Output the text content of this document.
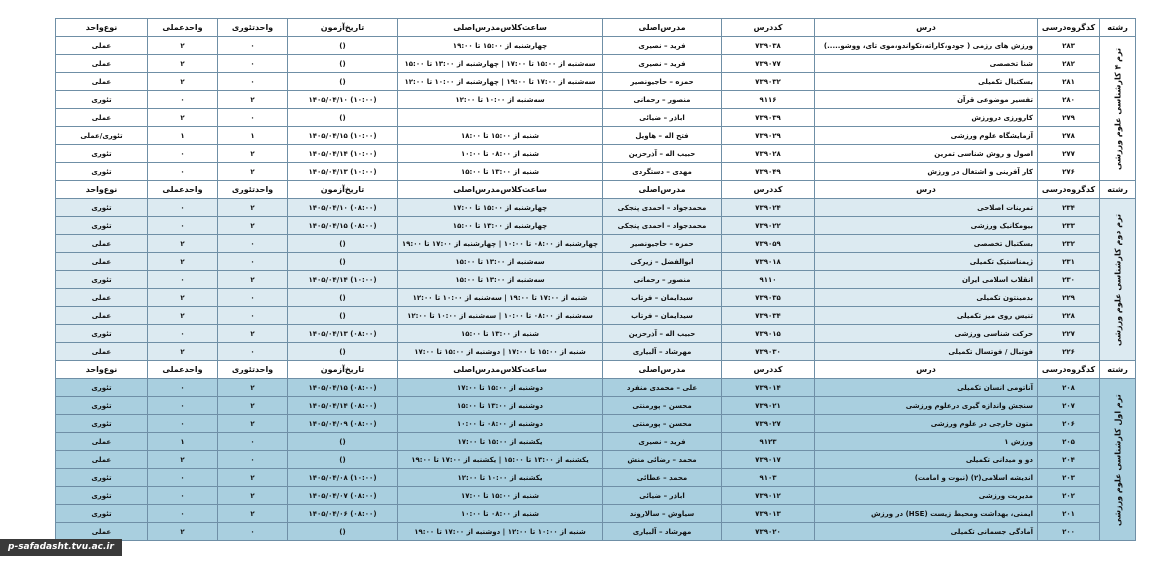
رشته	کدگروه‌درسی	درس	کددرس	مدرس‌اصلی	ساعت‌کلاس‌مدرس‌اصلی	تاریخ‌آزمون	واحدتئوری	واحدعملی	نوع‌واحد
ترم ۴ کارشناسی علوم ورزشی	۲۸۳	ورزش های رزمی ( جودو،کاراته،تکواندو،موی تای، ووشو.....)	۷۳۹۰۳۸	فرید – نصیری	چهارشنبه از ۱۵:۰۰ تا ۱۹:۰۰	()	۰	۲	عملی
	۲۸۲	شنا تخصصی	۷۳۹۰۷۷	فرید – نصیری	سه‌شنبه از ۱۵:۰۰ تا ۱۷:۰۰ | چهارشنبه از ۱۳:۰۰ تا ۱۵:۰۰	()	۰	۲	عملی
	۲۸۱	بسکتبال تکمیلی	۷۳۹۰۳۲	حمزه – حاجیونصیر	سه‌شنبه از ۱۷:۰۰ تا ۱۹:۰۰ | چهارشنبه از ۱۰:۰۰ تا ۱۲:۰۰	()	۰	۲	عملی
	۲۸۰	تفسیر موضوعی قرآن	۹۱۱۶	منصور – رحمانی	سه‌شنبه از ۱۰:۰۰ تا ۱۲:۰۰	(۱۰:۰۰) ۱۴۰۵/۰۴/۱۰	۲	۰	تئوری
	۲۷۹	کارورزی درورزش	۷۳۹۰۳۹	اباذر – ضیائی		()	۰	۲	عملی
	۲۷۸	آزمایشگاه علوم ورزشی	۷۳۹۰۲۹	فتح اله – هاویل	شنبه از ۱۵:۰۰ تا ۱۸:۰۰	(۱۰:۰۰) ۱۴۰۵/۰۴/۱۵	۱	۱	تئوری/عملی
	۲۷۷	اصول و روش شناسی تمرین	۷۳۹۰۲۸	حبیب اله – آذرحزین	شنبه از ۰۸:۰۰ تا ۱۰:۰۰	(۱۰:۰۰) ۱۴۰۵/۰۴/۱۴	۲	۰	تئوری
	۲۷۶	کار آفرینی و اشتغال در ورزش	۷۳۹۰۴۹	مهدی – دستگردی	شنبه از ۱۳:۰۰ تا ۱۵:۰۰	(۱۰:۰۰) ۱۴۰۵/۰۴/۱۳	۲	۰	تئوری
رشته	کدگروه‌درسی	درس	کددرس	مدرس‌اصلی	ساعت‌کلاس‌مدرس‌اصلی	تاریخ‌آزمون	واحدتئوری	واحدعملی	نوع‌واحد
ترم دوم کارشناسی علوم ورزشی	۲۳۴	تمرینات اصلاحی	۷۳۹۰۲۴	محمدجواد – احمدی پنجکی	چهارشنبه از ۱۵:۰۰ تا ۱۷:۰۰	(۰۸:۰۰) ۱۴۰۵/۰۴/۱۰	۲	۰	تئوری
	۲۳۳	بیومکانیک ورزشی	۷۳۹۰۲۲	محمدجواد – احمدی پنجکی	چهارشنبه از ۱۳:۰۰ تا ۱۵:۰۰	(۰۸:۰۰) ۱۴۰۵/۰۴/۱۵	۲	۰	تئوری
	۲۳۲	بسکتبال تخصصی	۷۳۹۰۵۹	حمزه – حاجیونصیر	چهارشنبه از ۰۸:۰۰ تا ۱۰:۰۰ | چهارشنبه از ۱۷:۰۰ تا ۱۹:۰۰	()	۰	۲	عملی
	۲۳۱	ژیمناستیک تکمیلی	۷۳۹۰۱۸	ابوالفضل – زیرکی	سه‌شنبه از ۱۳:۰۰ تا ۱۵:۰۰	()	۰	۲	عملی
	۲۳۰	انقلاب اسلامی ایران	۹۱۱۰	منصور – رحمانی	سه‌شنبه از ۱۳:۰۰ تا ۱۵:۰۰	(۱۰:۰۰) ۱۴۰۵/۰۴/۱۴	۲	۰	تئوری
	۲۲۹	بدمینتون تکمیلی	۷۳۹۰۳۵	سیدایمان – فرتاب	شنبه از ۱۷:۰۰ تا ۱۹:۰۰ | سه‌شنبه از ۱۰:۰۰ تا ۱۲:۰۰	()	۰	۲	عملی
	۲۲۸	تنیس روی میز تکمیلی	۷۳۹۰۳۴	سیدایمان – فرتاب	سه‌شنبه از ۰۸:۰۰ تا ۱۰:۰۰ | سه‌شنبه از ۱۰:۰۰ تا ۱۲:۰۰	()	۰	۲	عملی
	۲۲۷	حرکت شناسی ورزشی	۷۳۹۰۱۵	حبیب اله – آذرحزین	شنبه از ۱۳:۰۰ تا ۱۵:۰۰	(۰۸:۰۰) ۱۴۰۵/۰۴/۱۳	۲	۰	تئوری
	۲۲۶	فوتبال / فوتسال تکمیلی	۷۳۹۰۳۰	مهرشاد – آلبیاری	شنبه از ۱۵:۰۰ تا ۱۷:۰۰ | دوشنبه از ۱۵:۰۰ تا ۱۷:۰۰	()	۰	۲	عملی
رشته	کدگروه‌درسی	درس	کددرس	مدرس‌اصلی	ساعت‌کلاس‌مدرس‌اصلی	تاریخ‌آزمون	واحدتئوری	واحدعملی	نوع‌واحد
ترم اول کارشناسی علوم ورزشی	۲۰۸	آناتومی انسان تکمیلی	۷۳۹۰۱۴	علی – محمدی منفرد	دوشنبه از ۱۵:۰۰ تا ۱۷:۰۰	(۰۸:۰۰) ۱۴۰۵/۰۴/۱۵	۲	۰	تئوری
	۲۰۷	سنجش واندازه گیری درعلوم ورزشی	۷۳۹۰۲۱	محسن – پورمنتی	دوشنبه از ۱۳:۰۰ تا ۱۵:۰۰	(۰۸:۰۰) ۱۴۰۵/۰۴/۱۴	۲	۰	تئوری
	۲۰۶	متون خارجی در علوم ورزشی	۷۳۹۰۲۷	محسن – پورمنتی	دوشنبه از ۰۸:۰۰ تا ۱۰:۰۰	(۰۸:۰۰) ۱۴۰۵/۰۴/۰۹	۲	۰	تئوری
	۲۰۵	ورزش ۱	۹۱۲۳	فرید – نصیری	یکشنبه از ۱۵:۰۰ تا ۱۷:۰۰	()	۰	۱	عملی
	۲۰۴	دو و میدانی تکمیلی	۷۳۹۰۱۷	محمد – رضائی منش	یکشنبه از ۱۳:۰۰ تا ۱۵:۰۰ | یکشنبه از ۱۷:۰۰ تا ۱۹:۰۰	()	۰	۲	عملی
	۲۰۳	اندیشه اسلامی(۲) (نبوت و امامت)	۹۱۰۳	محمد – عطائی	یکشنبه از ۱۰:۰۰ تا ۱۲:۰۰	(۱۰:۰۰) ۱۴۰۵/۰۴/۰۸	۲	۰	تئوری
	۲۰۲	مدیریت ورزشی	۷۳۹۰۱۲	اباذر – ضیائی	شنبه از ۱۵:۰۰ تا ۱۷:۰۰	(۰۸:۰۰) ۱۴۰۵/۰۴/۰۷	۲	۰	تئوری
	۲۰۱	ایمنی، بهداشت ومحیط زیست (HSE) در ورزش	۷۳۹۰۱۳	سیاوش – سالاروند	شنبه از ۰۸:۰۰ تا ۱۰:۰۰	(۰۸:۰۰) ۱۴۰۵/۰۴/۰۶	۲	۰	تئوری
	۲۰۰	آمادگی جسمانی تکمیلی	۷۳۹۰۲۰	مهرشاد – آلبیاری	شنبه از ۱۰:۰۰ تا ۱۲:۰۰ | دوشنبه از ۱۷:۰۰ تا ۱۹:۰۰	()	۰	۲	عملی
p-safadasht.tvu.ac.ir
